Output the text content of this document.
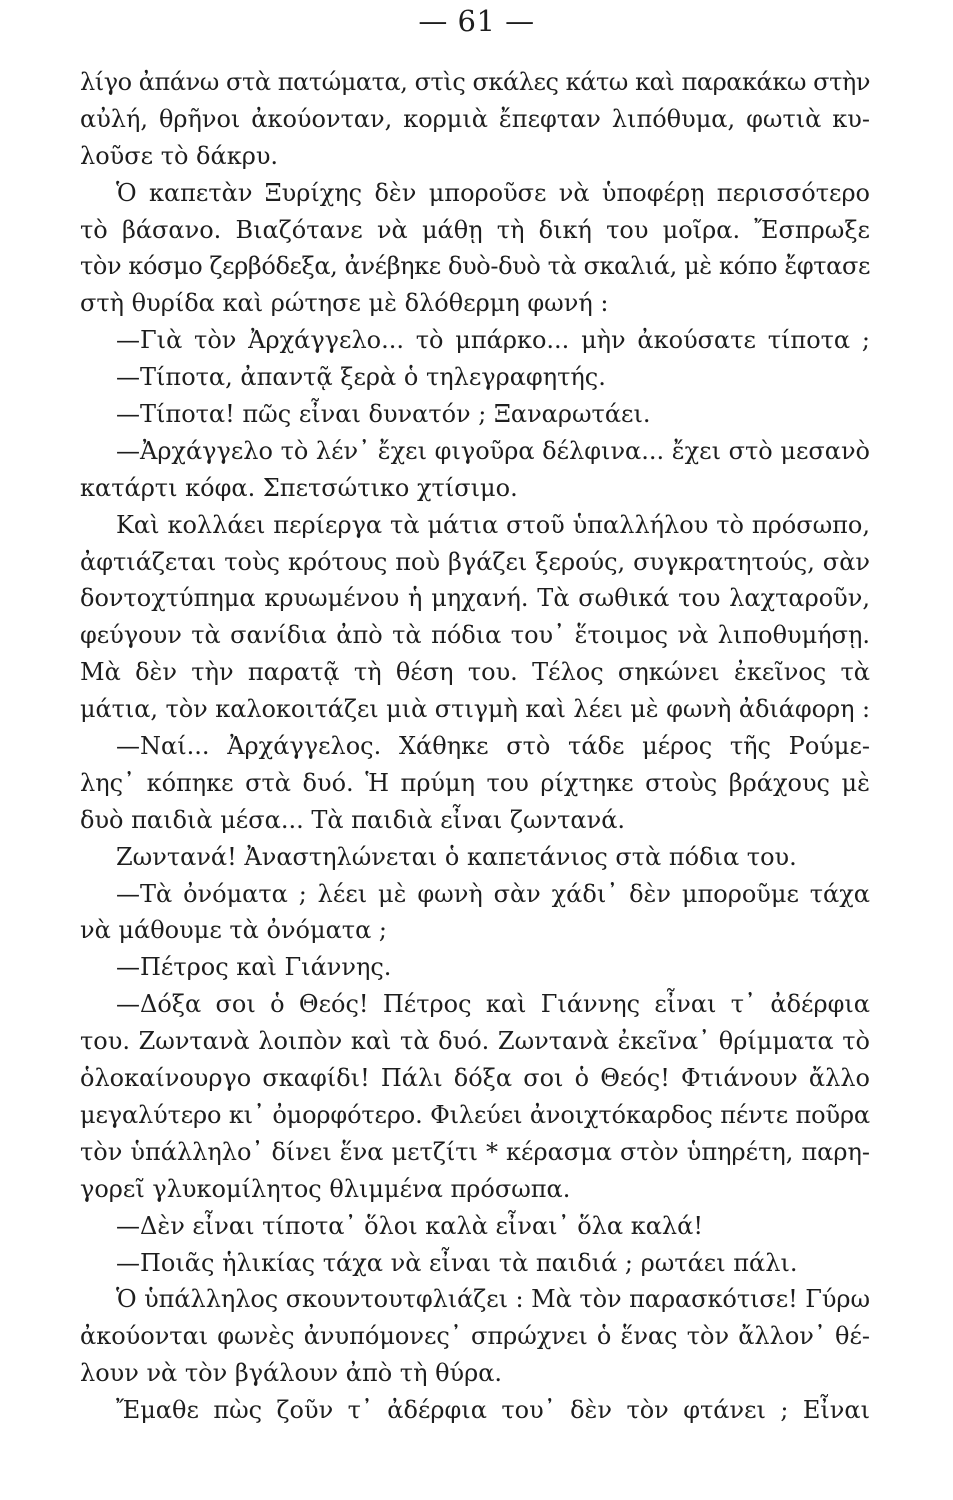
— 61 —
λίγο ἀπάνω στὰ πατώματα, στὶς σκάλες κάτω καὶ παρακάκω στὴν
αὐλή, θρῆνοι ἀκούονταν, κορμιὰ ἔπεφταν λιπόθυμα, φωτιὰ κυ-
λοῦσε τὸ δάκρυ.
Ὁ καπετὰν Ξυρίχης δὲν μποροῦσε νὰ ὑποφέρῃ περισσότερο
τὸ βάσανο. Βιαζότανε νὰ μάθῃ τὴ δική του μοῖρα. Ἔσπρωξε
τὸν κόσμο ζερβόδεξα, ἀνέβηκε δυὸ-δυὸ τὰ σκαλιά, μὲ κόπο ἔφτασε
στὴ θυρίδα καὶ ρώτησε μὲ δλόθερμη φωνή :
—Γιὰ τὸν Ἀρχάγγελο... τὸ μπάρκο... μὴν ἀκούσατε τίποτα ;
—Τίποτα, ἀπαντᾷ ξερὰ ὁ τηλεγραφητής.
—Τίποτα! πῶς εἶναι δυνατόν ; Ξαναρωτάει.
—Ἀρχάγγελο τὸ λέν᾽ ἔχει φιγοῦρα δέλφινα... ἔχει στὸ μεσανὸ
κατάρτι κόφα. Σπετσώτικο χτίσιμο.
Καὶ κολλάει περίεργα τὰ μάτια στοῦ ὑπαλλήλου τὸ πρόσωπο,
ἀφτιάζεται τοὺς κρότους ποὺ βγάζει ξερούς, συγκρατητούς, σὰν
δοντοχτύπημα κρυωμένου ἡ μηχανή. Τὰ σωθικά του λαχταροῦν,
φεύγουν τὰ σανίδια ἀπὸ τὰ πόδια του᾽ ἕτοιμος νὰ λιποθυμήσῃ.
Μὰ δὲν τὴν παρατᾷ τὴ θέση του. Τέλος σηκώνει ἐκεῖνος τὰ
μάτια, τὸν καλοκοιτάζει μιὰ στιγμὴ καὶ λέει μὲ φωνὴ ἀδιάφορη :
—Ναί... Ἀρχάγγελος. Χάθηκε στὸ τάδε μέρος τῆς Ρούμε-
λης᾽ κόπηκε στὰ δυό. Ἡ πρύμη του ρίχτηκε στοὺς βράχους μὲ
δυὸ παιδιὰ μέσα... Τὰ παιδιὰ εἶναι ζωντανά.
Ζωντανά! Ἀναστηλώνεται ὁ καπετάνιος στὰ πόδια του.
—Τὰ ὀνόματα ; λέει μὲ φωνὴ σὰν χάδι᾽ δὲν μποροῦμε τάχα
νὰ μάθουμε τὰ ὀνόματα ;
—Πέτρος καὶ Γιάννης.
—Δόξα σοι ὁ Θεός! Πέτρος καὶ Γιάννης εἶναι τ᾽ ἀδέρφια
του. Ζωντανὰ λοιπὸν καὶ τὰ δυό. Ζωντανὰ ἐκεῖνα᾽ θρίμματα τὸ
ὁλοκαίνουργο σκαφίδι! Πάλι δόξα σοι ὁ Θεός! Φτιάνουν ἄλλο
μεγαλύτερο κι᾽ ὀμορφότερο. Φιλεύει ἀνοιχτόκαρδος πέντε ποῦρα
τὸν ὑπάλληλο᾽ δίνει ἕνα μετζίτι * κέρασμα στὸν ὑπηρέτη, παρη-
γορεῖ γλυκομίλητος θλιμμένα πρόσωπα.
—Δὲν εἶναι τίποτα᾽ ὅλοι καλὰ εἶναι᾽ ὅλα καλά!
—Ποιᾶς ἡλικίας τάχα νὰ εἶναι τὰ παιδιά ; ρωτάει πάλι.
Ὁ ὑπάλληλος σκουντουτφλιάζει : Μὰ τὸν παρασκότισε! Γύρω
ἀκούονται φωνὲς ἀνυπόμονες᾽ σπρώχνει ὁ ἕνας τὸν ἄλλον᾽ θέ-
λουν νὰ τὸν βγάλουν ἀπὸ τὴ θύρα.
Ἔμαθε πὼς ζοῦν τ᾽ ἀδέρφια του᾽ δὲν τὸν φτάνει ; Εἶναι
